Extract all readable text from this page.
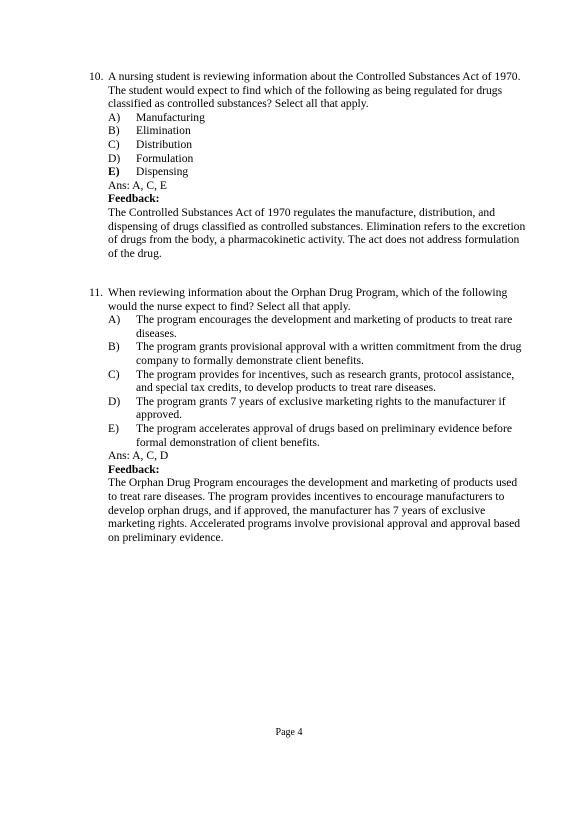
10. A nursing student is reviewing information about the Controlled Substances Act of 1970. The student would expect to find which of the following as being regulated for drugs classified as controlled substances? Select all that apply.
A)	Manufacturing
B)	Elimination
C)	Distribution
D)	Formulation
E)	Dispensing
Ans: A, C, E
Feedback:
The Controlled Substances Act of 1970 regulates the manufacture, distribution, and dispensing of drugs classified as controlled substances. Elimination refers to the excretion of drugs from the body, a pharmacokinetic activity. The act does not address formulation of the drug.
11. When reviewing information about the Orphan Drug Program, which of the following would the nurse expect to find? Select all that apply.
A)	The program encourages the development and marketing of products to treat rare diseases.
B)	The program grants provisional approval with a written commitment from the drug company to formally demonstrate client benefits.
C)	The program provides for incentives, such as research grants, protocol assistance, and special tax credits, to develop products to treat rare diseases.
D)	The program grants 7 years of exclusive marketing rights to the manufacturer if approved.
E)	The program accelerates approval of drugs based on preliminary evidence before formal demonstration of client benefits.
Ans: A, C, D
Feedback:
The Orphan Drug Program encourages the development and marketing of products used to treat rare diseases. The program provides incentives to encourage manufacturers to develop orphan drugs, and if approved, the manufacturer has 7 years of exclusive marketing rights. Accelerated programs involve provisional approval and approval based on preliminary evidence.
Page 4
